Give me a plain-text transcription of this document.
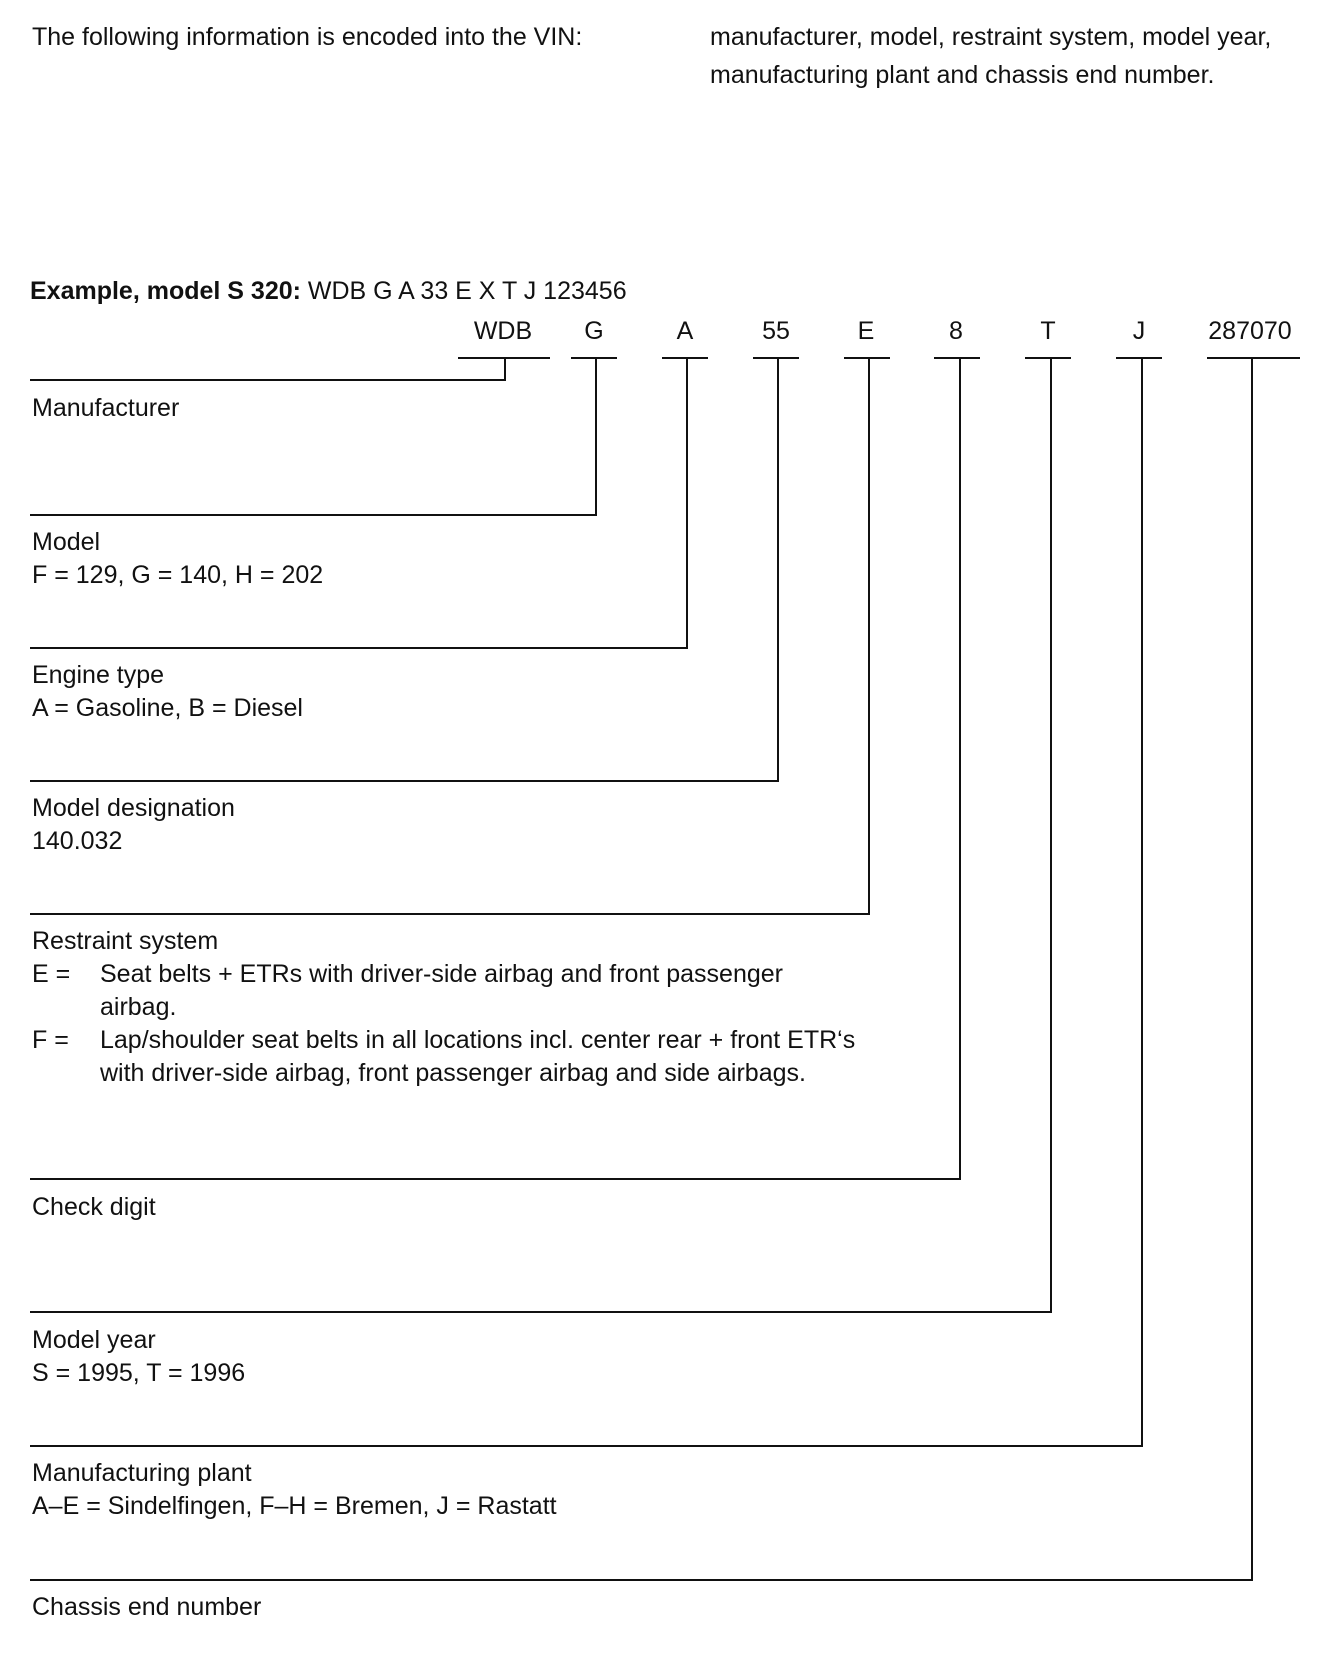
The following information is encoded into the VIN:	manufacturer, model, restraint system, model year, manufacturing plant and chassis end number.
Example, model S 320: WDB G A 33 E X T J 123456
WDB	G	A	55	E	8	T	J	287070
Manufacturer
Model
F = 129, G = 140, H = 202
Engine type
A = Gasoline, B = Diesel
Model designation
140.032
Restraint system
E = Seat belts + ETRs with driver-side airbag and front passenger airbag.
F = Lap/shoulder seat belts in all locations incl. center rear + front ETR‘s with driver-side airbag, front passenger airbag and side airbags.
Check digit
Model year
S = 1995, T = 1996
Manufacturing plant
A–E = Sindelfingen, F–H = Bremen, J = Rastatt
Chassis end number
